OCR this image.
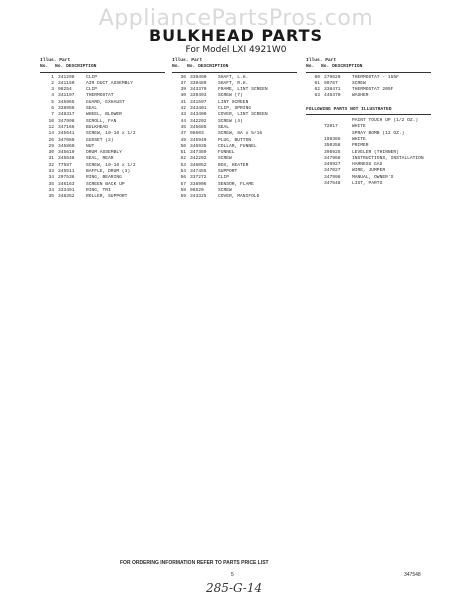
AppliancePartsPros.com
BULKHEAD PARTS
For Model LXI 4921W0
Illus. Part
No. No. DESCRIPTION
1 341298	CLIP
2 341150	AIR DUCT ASSEMBLY
3 98254	CLIP
4 341197	THERMOSTAT
5 345965	GUARD, EXHAUST
6 338956	SEAL
7 348317	WHEEL, BLOWER
10 347998	SCROLL, FAN
12 347166	BULKHEAD
14 345641	SCREW, 10-16 x 1/2
26 347089	GUSSET (2)
29 345860	NUT
30 345610	DRUM ASSEMBLY
31 345648	SEAL, REAR
32 77587	SCREW, 10-16 x 1/2
33 345511	BAFFLE, DRUM (3)
34 297536	RING, BEARING
35 346163	SCREEN BACK UP
34 333491	RING, TRI
35 348352	ROLLER, SUPPORT
Illus. Part
No. No. DESCRIPTION
36 339490	SHAFT, L.H.
37 339489	SHAFT, R.H.
39 343379	FRAME, LINT SCREEN
40 339493	SCREW (7)
41 341597	LINT SCREEN
42 343401	CLIP, SPRING
43 343400	COVER, LINT SCREEN
44 342202	SCREW (4)
45 345685	SEAL
47 98503	SCREW, 8A x 5/16
49 345940	PLUG, BUTTON
50 346935	COLLAR, FUNNEL
51 347389	FUNNEL
52 342202	SCREW
53 346052	BOX, HEATER
54 347455	SUPPORT
56 337272	CLIP
57 338906	SENSOR, FLAME
58 98520	SCREW
59 343325	COVER, MANIFOLD
Illus. Part
No. No. DESCRIPTION
60 279620	THERMOSTAT - 155F
61 90767	SCREW
62 338471	THERMOSTAT 205F
63 446470	WASHER
FOLLOWING PARTS NOT ILLUSTRATED
PAINT TOUCH UP (1/2 OZ.)
72017	WHITE
SPRAY BOMB (12 OZ.)
199365	WHITE
350358	PRIMER
396925	LEVELER (THINNER)
347968	INSTRUCTIONS, INSTALLATION
346927	HARNESS GAS
347027	WIRE, JUMPER
347998	MANUAL, OWNER'S
347548	LIST, PARTS
FOR ORDERING INFORMATION REFER TO PARTS PRICE LIST
5	347548
285-G-14
